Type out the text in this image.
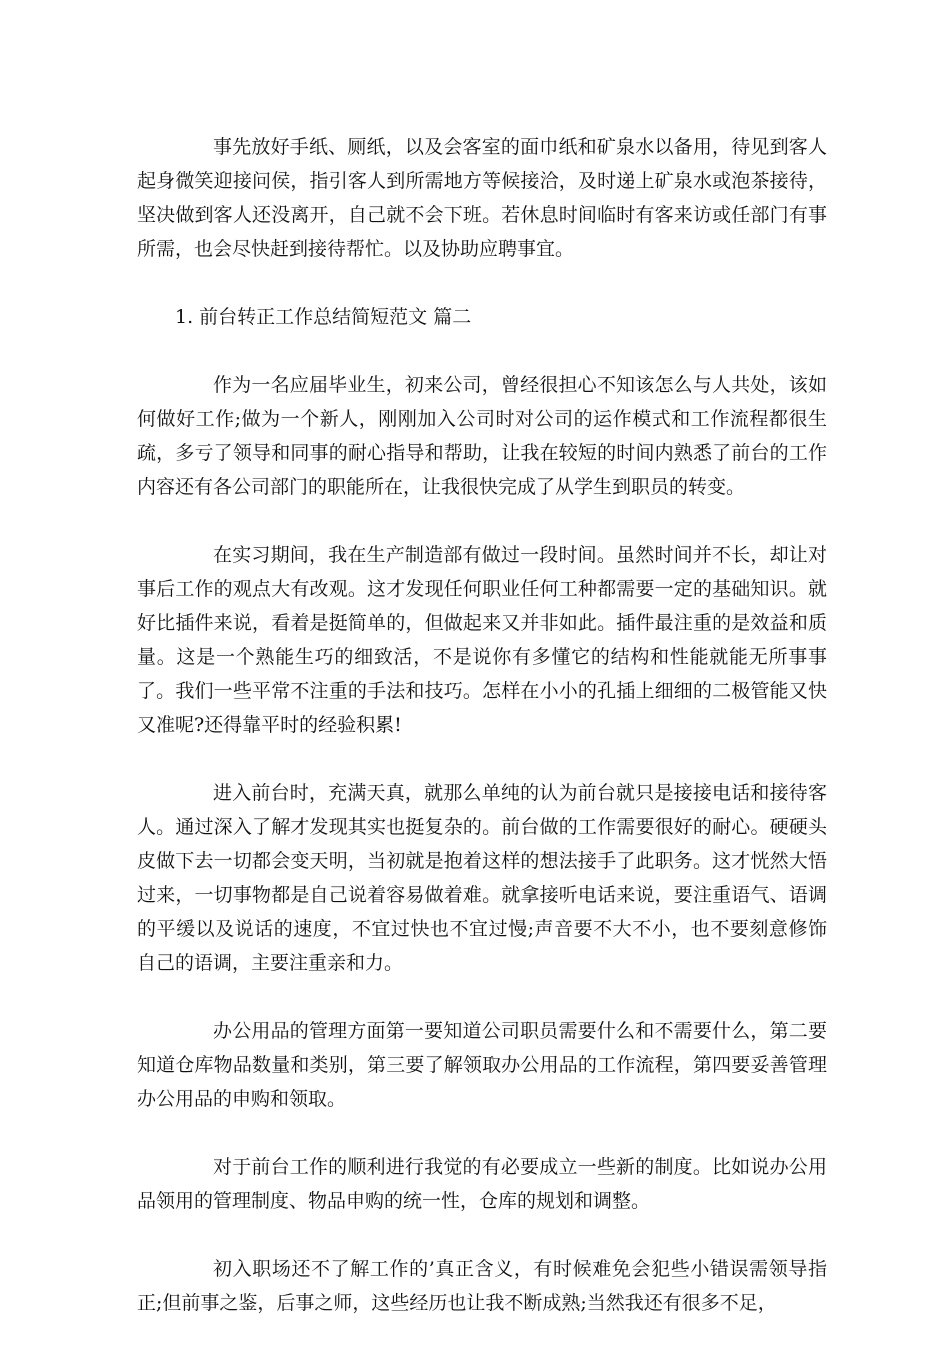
事先放好手纸、厕纸，以及会客室的面巾纸和矿泉水以备用，待见到客人起身微笑迎接问侯，指引客人到所需地方等候接洽，及时递上矿泉水或泡茶接待，坚决做到客人还没离开，自己就不会下班。若休息时间临时有客来访或任部门有事所需，也会尽快赶到接待帮忙。以及协助应聘事宜。

1. 前台转正工作总结简短范文 篇二

作为一名应届毕业生，初来公司，曾经很担心不知该怎么与人共处，该如何做好工作;做为一个新人，刚刚加入公司时对公司的运作模式和工作流程都很生疏，多亏了领导和同事的耐心指导和帮助，让我在较短的时间内熟悉了前台的工作内容还有各公司部门的职能所在，让我很快完成了从学生到职员的转变。

在实习期间，我在生产制造部有做过一段时间。虽然时间并不长，却让对事后工作的观点大有改观。这才发现任何职业任何工种都需要一定的基础知识。就好比插件来说，看着是挺简单的，但做起来又并非如此。插件最注重的是效益和质量。这是一个熟能生巧的细致活，不是说你有多懂它的结构和性能就能无所事事了。我们一些平常不注重的手法和技巧。怎样在小小的孔插上细细的二极管能又快又准呢?还得靠平时的经验积累!

进入前台时，充满天真，就那么单纯的认为前台就只是接接电话和接待客人。通过深入了解才发现其实也挺复杂的。前台做的工作需要很好的耐心。硬硬头皮做下去一切都会变天明，当初就是抱着这样的想法接手了此职务。这才恍然大悟过来，一切事物都是自己说着容易做着难。就拿接听电话来说，要注重语气、语调的平缓以及说话的速度，不宜过快也不宜过慢;声音要不大不小，也不要刻意修饰自己的语调，主要注重亲和力。

办公用品的管理方面第一要知道公司职员需要什么和不需要什么，第二要知道仓库物品数量和类别，第三要了解领取办公用品的工作流程，第四要妥善管理办公用品的申购和领取。

对于前台工作的顺利进行我觉的有必要成立一些新的制度。比如说办公用品领用的管理制度、物品申购的统一性，仓库的规划和调整。

初入职场还不了解工作的’真正含义，有时候难免会犯些小错误需领导指正;但前事之鉴，后事之师，这些经历也让我不断成熟;当然我还有很多不足，
